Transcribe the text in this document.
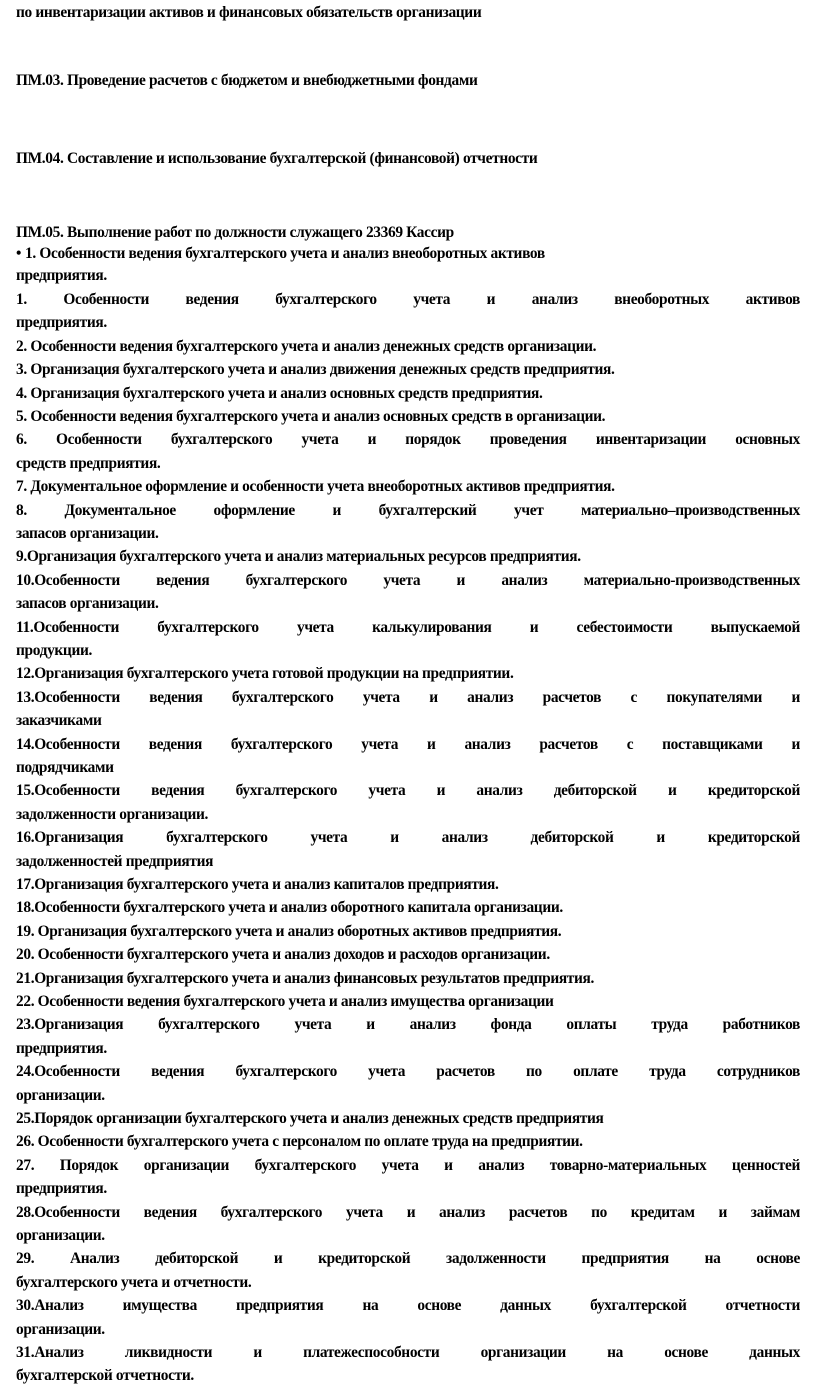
по инвентаризации активов и финансовых обязательств организации

ПМ.03. Проведение расчетов с бюджетом и внебюджетными фондами

ПМ.04. Составление и использование бухгалтерской (финансовой) отчетности

ПМ.05. Выполнение работ по должности служащего 23369 Кассир

• 1. Особенности ведения бухгалтерского учета и анализ внеоборотных активов

предприятия.

1. Особенности ведения бухгалтерского учета и анализ внеоборотных активов

предприятия.

2. Особенности ведения бухгалтерского учета и анализ денежных средств организации.

3. Организация бухгалтерского учета и анализ движения денежных средств предприятия.

4. Организация бухгалтерского учета и анализ основных средств предприятия.

5. Особенности ведения бухгалтерского учета и анализ основных средств в организации.

6. Особенности бухгалтерского учета и порядок проведения инвентаризации основных

средств предприятия.

7. Документальное оформление и особенности учета внеоборотных активов предприятия.

8. Документальное оформление и бухгалтерский учет материально–производственных

запасов организации.

9.Организация бухгалтерского учета и анализ материальных ресурсов предприятия.

10.Особенности ведения бухгалтерского учета и анализ материально-производственных

запасов организации.

11.Особенности бухгалтерского учета калькулирования и себестоимости выпускаемой

продукции.

12.Организация бухгалтерского учета готовой продукции на предприятии.

13.Особенности ведения бухгалтерского учета и анализ расчетов с покупателями и

заказчиками

14.Особенности ведения бухгалтерского учета и анализ расчетов с поставщиками и

подрядчиками

15.Особенности ведения бухгалтерского учета и анализ дебиторской и кредиторской

задолженности организации.

16.Организация бухгалтерского учета и анализ дебиторской и кредиторской

задолженностей предприятия

17.Организация бухгалтерского учета и анализ капиталов предприятия.

18.Особенности бухгалтерского учета и анализ оборотного капитала организации.

19. Организация бухгалтерского учета и анализ оборотных активов предприятия.

20. Особенности бухгалтерского учета и анализ доходов и расходов организации.

21.Организация бухгалтерского учета и анализ финансовых результатов предприятия.

22. Особенности ведения бухгалтерского учета и анализ имущества организации

23.Организация бухгалтерского учета и анализ фонда оплаты труда работников

предприятия.

24.Особенности ведения бухгалтерского учета расчетов по оплате труда сотрудников

организации.

25.Порядок организации бухгалтерского учета и анализ денежных средств предприятия

26. Особенности бухгалтерского учета с персоналом по оплате труда на предприятии.

27. Порядок организации бухгалтерского учета и анализ товарно-материальных ценностей

предприятия.

28.Особенности ведения бухгалтерского учета и анализ расчетов по кредитам и займам

организации.

29. Анализ дебиторской и кредиторской задолженности предприятия на основе

бухгалтерского учета и отчетности.

30.Анализ имущества предприятия на основе данных бухгалтерской отчетности

организации.

31.Анализ ликвидности и платежеспособности организации на основе данных

бухгалтерской отчетности.
